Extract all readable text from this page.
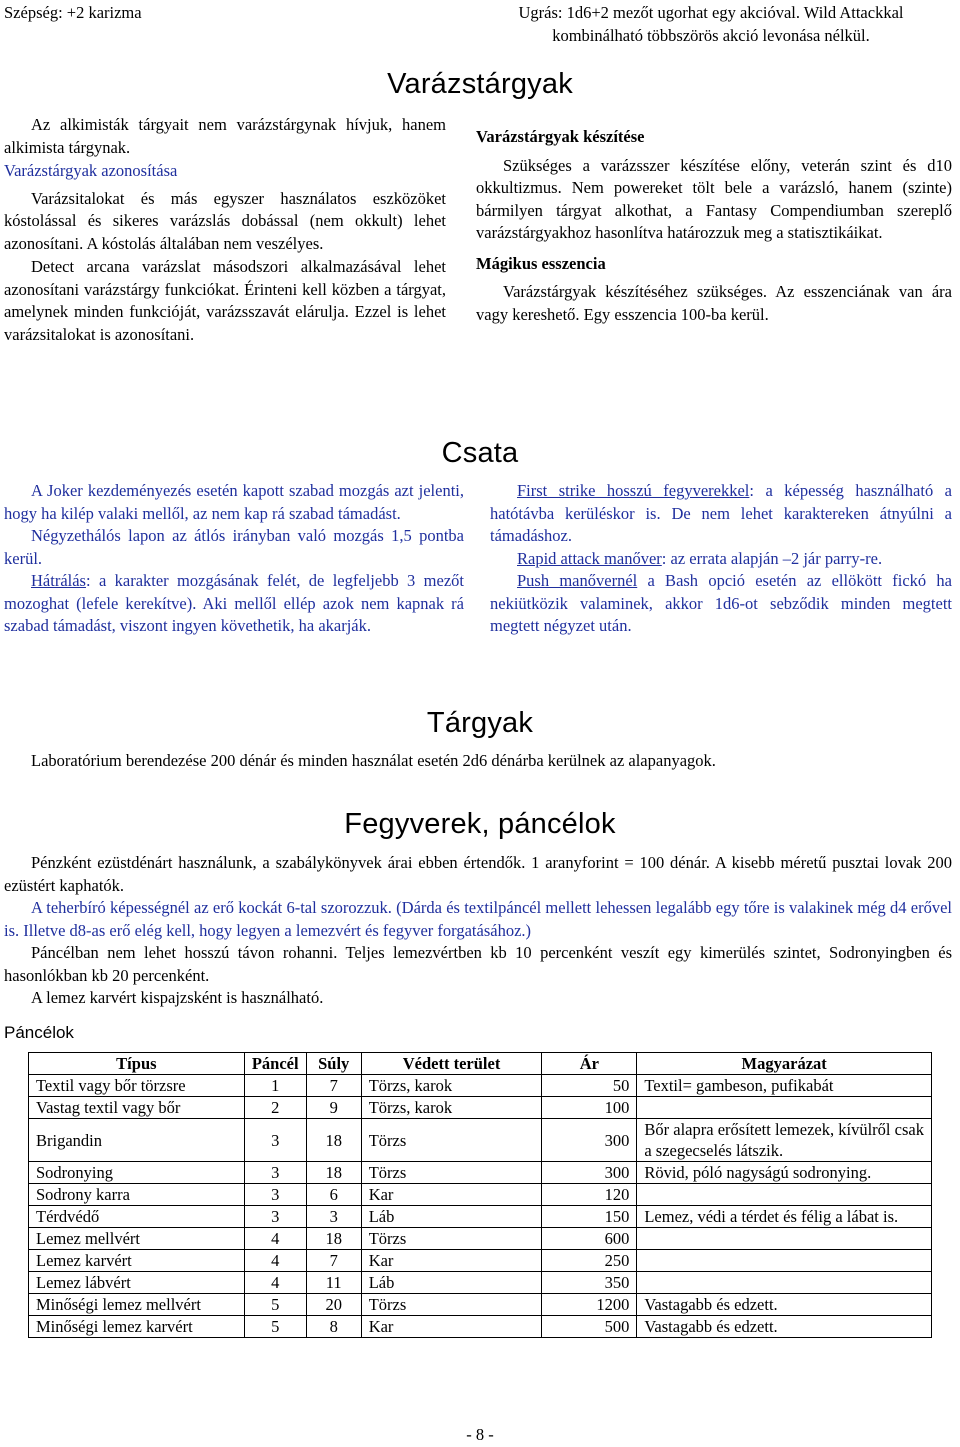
Szépség: +2 karizma	Ugrás: 1d6+2 mezőt ugorhat egy akcióval. Wild Attackkal kombinálható többszörös akció levonása nélkül.
Varázstárgyak

Az alkimisták tárgyait nem varázstárgynak hívjuk, hanem alkimista tárgynak.

Varázstárgyak azonosítása

Varázsitalokat és más egyszer használatos eszközöket kóstolással és sikeres varázslás dobással (nem okkult) lehet azonosítani. A kóstolás általában nem veszélyes.

Detect arcana varázslat másodszori alkalmazásával lehet azonosítani varázstárgy funkciókat. Érinteni kell közben a tárgyat, amelynek minden funkcióját, varázsszavát elárulja. Ezzel is lehet varázsitalokat is azonosítani.

Varázstárgyak készítése

Szükséges a varázsszer készítése előny, veterán szint és d10 okkultizmus. Nem powereket tölt bele a varázsló, hanem (szinte) bármilyen tárgyat alkothat, a Fantasy Compendiumban szereplő varázstárgyakhoz hasonlítva határozzuk meg a statisztikáikat.

Mágikus esszencia

Varázstárgyak készítéséhez szükséges. Az esszenciának van ára vagy kereshető. Egy esszencia 100-ba kerül.

Csata

A Joker kezdeményezés esetén kapott szabad mozgás azt jelenti, hogy ha kilép valaki mellől, az nem kap rá szabad támadást.

Négyzethálós lapon az átlós irányban való mozgás 1,5 pontba kerül.

Hátrálás: a karakter mozgásának felét, de legfeljebb 3 mezőt mozoghat (lefele kerekítve). Aki mellől ellép azok nem kapnak rá szabad támadást, viszont ingyen követhetik, ha akarják.

First strike hosszú fegyverekkel: a képesség használható a hatótávba kerüléskor is. De nem lehet karaktereken átnyúlni a támadáshoz.

Rapid attack manőver: az errata alapján –2 jár parry-re.

Push manővernél a Bash opció esetén az ellökött fickó ha nekiütközik valaminek, akkor 1d6-ot sebződik minden megtett megtett négyzet után.

Tárgyak

Laboratórium berendezése 200 dénár és minden használat esetén 2d6 dénárba kerülnek az alapanyagok.

Fegyverek, páncélok

Pénzként ezüstdénárt használunk, a szabálykönyvek árai ebben értendők. 1 aranyforint = 100 dénár. A kisebb méretű pusztai lovak 200 ezüstért kaphatók.

A teherbíró képességnél az erő kockát 6-tal szorozzuk. (Dárda és textilpáncél mellett lehessen legalább egy tőre is valakinek még d4 erővel is. Illetve d8-as erő elég kell, hogy legyen a lemezvért és fegyver forgatásához.)

Páncélban nem lehet hosszú távon rohanni. Teljes lemezvértben kb 10 percenként veszít egy kimerülés szintet, Sodronyingben és hasonlókban kb 20 percenként.

A lemez karvért kispajzsként is használható.

Páncélok
Típus	Páncél	Súly	Védett terület	Ár	Magyarázat
Textil vagy bőr törzsre	1	7	Törzs, karok	50	Textil= gambeson, pufikabát
Vastag textil vagy bőr	2	9	Törzs, karok	100	
Brigandin	3	18	Törzs	300	Bőr alapra erősített lemezek, kívülről csak a szegecselés látszik.
Sodronying	3	18	Törzs	300	Rövid, póló nagyságú sodronying.
Sodrony karra	3	6	Kar	120	
Térdvédő	3	3	Láb	150	Lemez, védi a térdet és félig a lábat is.
Lemez mellvért	4	18	Törzs	600	
Lemez karvért	4	7	Kar	250	
Lemez lábvért	4	11	Láb	350	
Minőségi lemez mellvért	5	20	Törzs	1200	Vastagabb és edzett.
Minőségi lemez karvért	5	8	Kar	500	Vastagabb és edzett.
- 8 -
